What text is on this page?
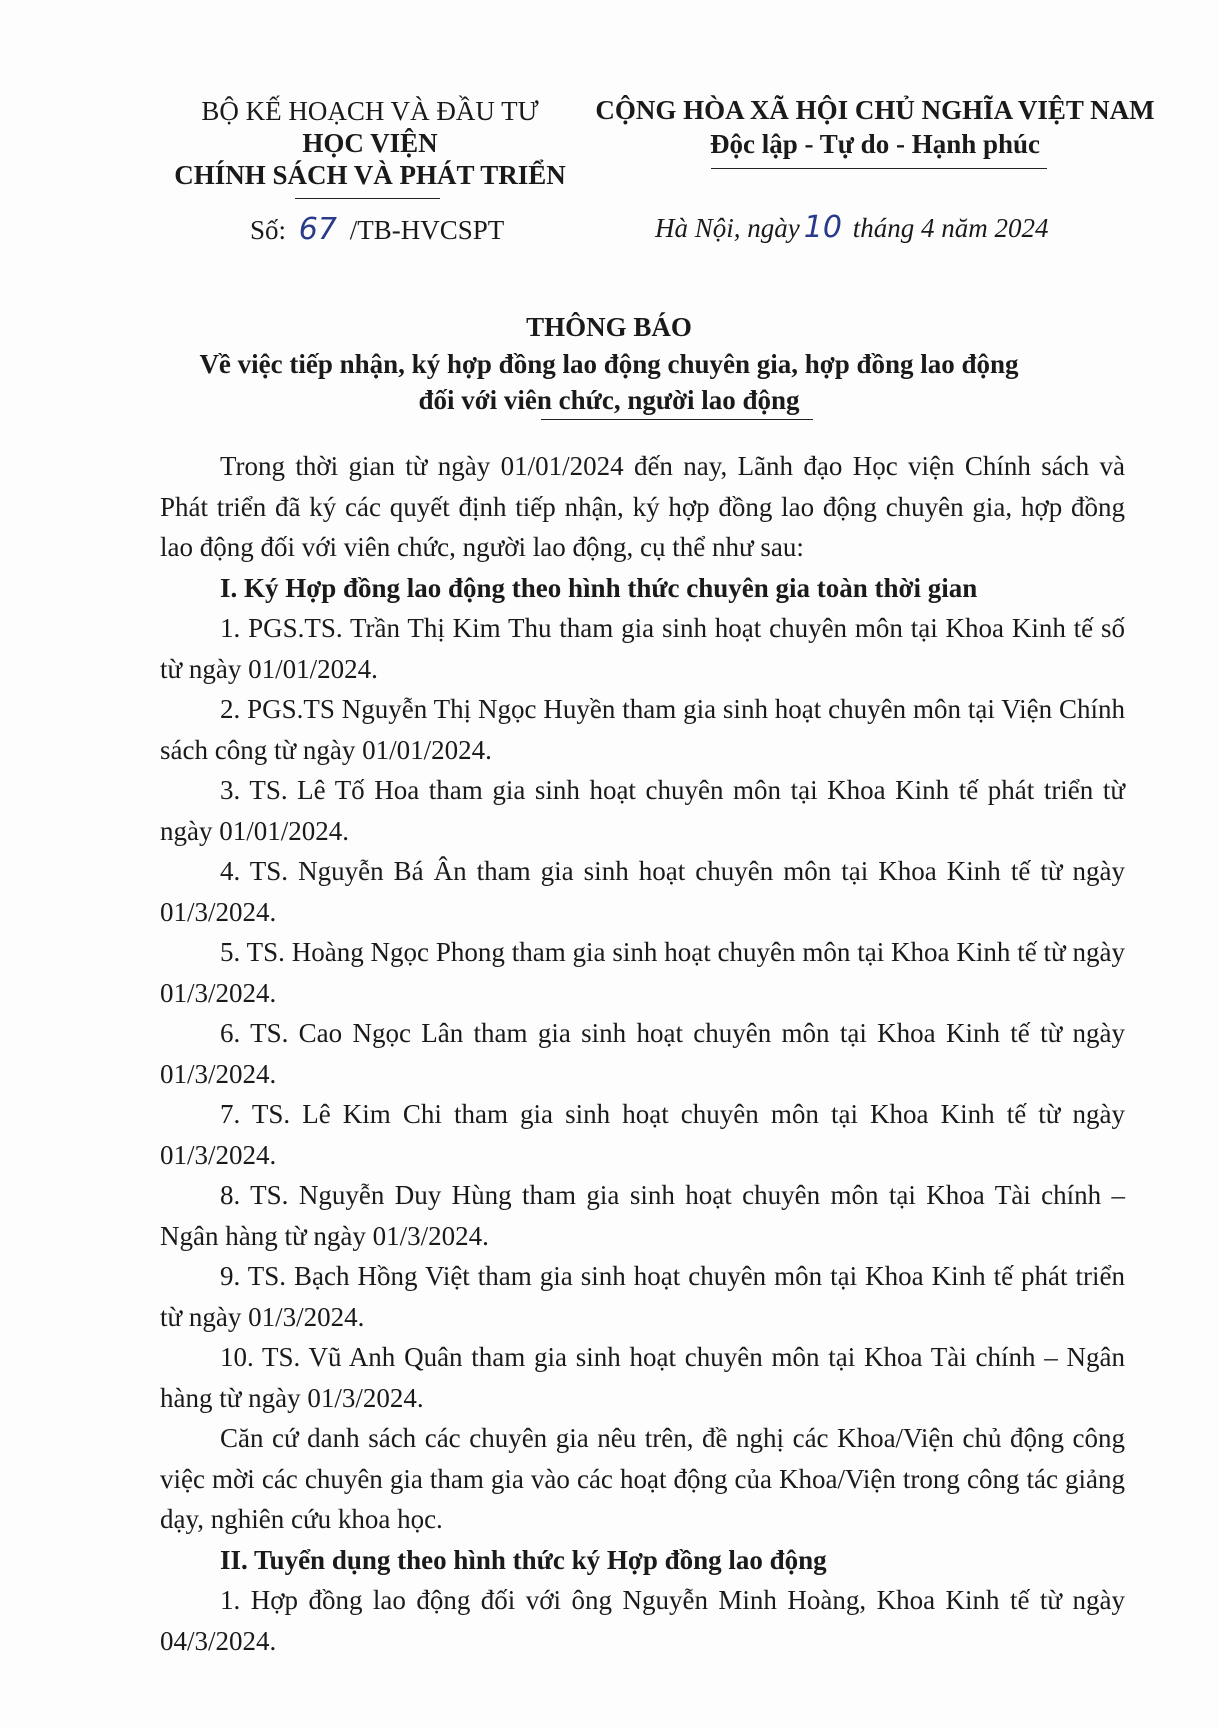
BỘ KẾ HOẠCH VÀ ĐẦU TƯ
HỌC VIỆN
CHÍNH SÁCH VÀ PHÁT TRIỂN
CỘNG HÒA XÃ HỘI CHỦ NGHĨA VIỆT NAM
Độc lập - Tự do - Hạnh phúc
Số: 67 /TB-HVCSPT	Hà Nội, ngày 10 tháng 4 năm 2024
THÔNG BÁO
Về việc tiếp nhận, ký hợp đồng lao động chuyên gia, hợp đồng lao động
đối với viên chức, người lao động

Trong thời gian từ ngày 01/01/2024 đến nay, Lãnh đạo Học viện Chính sách và Phát triển đã ký các quyết định tiếp nhận, ký hợp đồng lao động chuyên gia, hợp đồng lao động đối với viên chức, người lao động, cụ thể như sau:

I. Ký Hợp đồng lao động theo hình thức chuyên gia toàn thời gian

1. PGS.TS. Trần Thị Kim Thu tham gia sinh hoạt chuyên môn tại Khoa Kinh tế số từ ngày 01/01/2024.

2. PGS.TS Nguyễn Thị Ngọc Huyền tham gia sinh hoạt chuyên môn tại Viện Chính sách công từ ngày 01/01/2024.

3. TS. Lê Tố Hoa tham gia sinh hoạt chuyên môn tại Khoa Kinh tế phát triển từ ngày 01/01/2024.

4. TS. Nguyễn Bá Ân tham gia sinh hoạt chuyên môn tại Khoa Kinh tế từ ngày 01/3/2024.

5. TS. Hoàng Ngọc Phong tham gia sinh hoạt chuyên môn tại Khoa Kinh tế từ ngày 01/3/2024.

6. TS. Cao Ngọc Lân tham gia sinh hoạt chuyên môn tại Khoa Kinh tế từ ngày 01/3/2024.

7. TS. Lê Kim Chi tham gia sinh hoạt chuyên môn tại Khoa Kinh tế từ ngày 01/3/2024.

8. TS. Nguyễn Duy Hùng tham gia sinh hoạt chuyên môn tại Khoa Tài chính – Ngân hàng từ ngày 01/3/2024.

9. TS. Bạch Hồng Việt tham gia sinh hoạt chuyên môn tại Khoa Kinh tế phát triển từ ngày 01/3/2024.

10. TS. Vũ Anh Quân tham gia sinh hoạt chuyên môn tại Khoa Tài chính – Ngân hàng từ ngày 01/3/2024.

Căn cứ danh sách các chuyên gia nêu trên, đề nghị các Khoa/Viện chủ động công việc mời các chuyên gia tham gia vào các hoạt động của Khoa/Viện trong công tác giảng dạy, nghiên cứu khoa học.

II. Tuyển dụng theo hình thức ký Hợp đồng lao động

1. Hợp đồng lao động đối với ông Nguyễn Minh Hoàng, Khoa Kinh tế từ ngày 04/3/2024.
